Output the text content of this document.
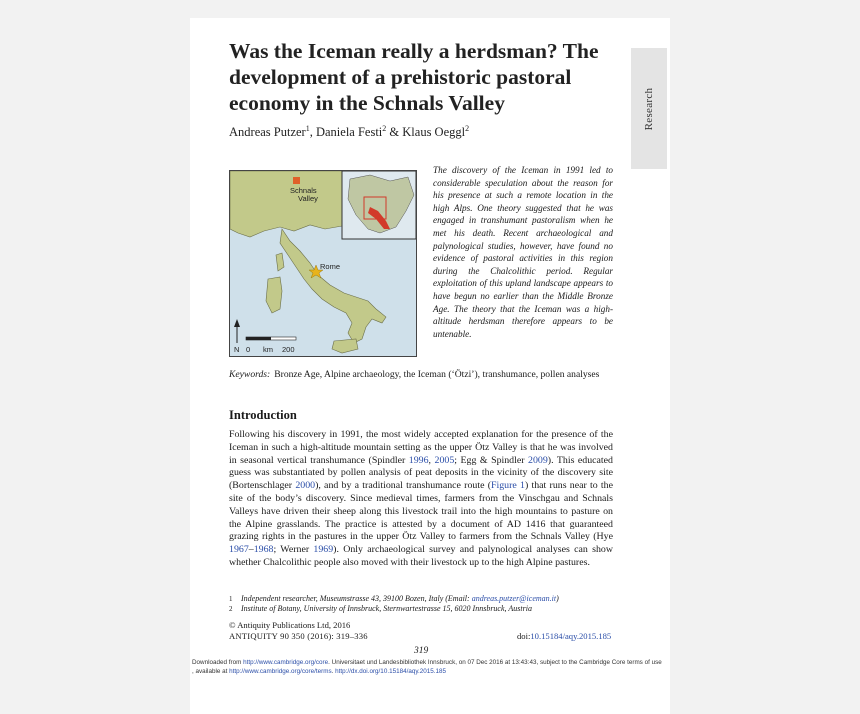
Was the Iceman really a herdsman? The development of a prehistoric pastoral economy in the Schnals Valley
Andreas Putzer$^1$, Daniela Festi$^2$ & Klaus Oeggl$^2$	Research
Schnals
Valley
Rome
N 0 km 200
The discovery of the Iceman in 1991 led to considerable speculation about the reason for his presence at such a remote location in the high Alps. One theory suggested that he was engaged in transhumant pastoralism when he met his death. Recent archaeological and palynological studies, however, have found no evidence of pastoral activities in this region during the Chalcolithic period. Regular exploitation of this upland landscape appears to have begun no earlier than the Middle Bronze Age. The theory that the Iceman was a high-altitude herdsman therefore appears to be untenable.
Keywords: Bronze Age, Alpine archaeology, the Iceman (‘Ötzi’), transhumance, pollen analyses
Introduction
Following his discovery in 1991, the most widely accepted explanation for the presence of the Iceman in such a high-altitude mountain setting as the upper Ötz Valley is that he was involved in seasonal vertical transhumance (Spindler 1996, 2005; Egg & Spindler 2009). This educated guess was substantiated by pollen analysis of peat deposits in the vicinity of the discovery site (Bortenschlager 2000), and by a traditional transhumance route (Figure 1) that runs near to the site of the body’s discovery. Since medieval times, farmers from the Vinschgau and Schnals Valleys have driven their sheep along this livestock trail into the high mountains to pasture on the Alpine grasslands. The practice is attested by a document of AD 1416 that guaranteed grazing rights in the pastures in the upper Ötz Valley to farmers from the Schnals Valley (Hye 1967–1968; Werner 1969). Only archaeological survey and palynological analyses can show whether Chalcolithic people also moved with their livestock up to the high Alpine pastures.
1	Independent researcher, Museumstrasse 43, 39100 Bozen, Italy (Email: andreas.putzer@iceman.it)
2	Institute of Botany, University of Innsbruck, Sternwartestrasse 15, 6020 Innsbruck, Austria
© Antiquity Publications Ltd, 2016
ANTIQUITY 90 350 (2016): 319–336	doi:10.15184/aqy.2015.185
319
Downloaded from http://www.cambridge.org/core. Universitaet und Landesbibliothek Innsbruck, on 07 Dec 2016 at 13:43:43, subject to the Cambridge Core terms of use
, available at http://www.cambridge.org/core/terms. http://dx.doi.org/10.15184/aqy.2015.185
